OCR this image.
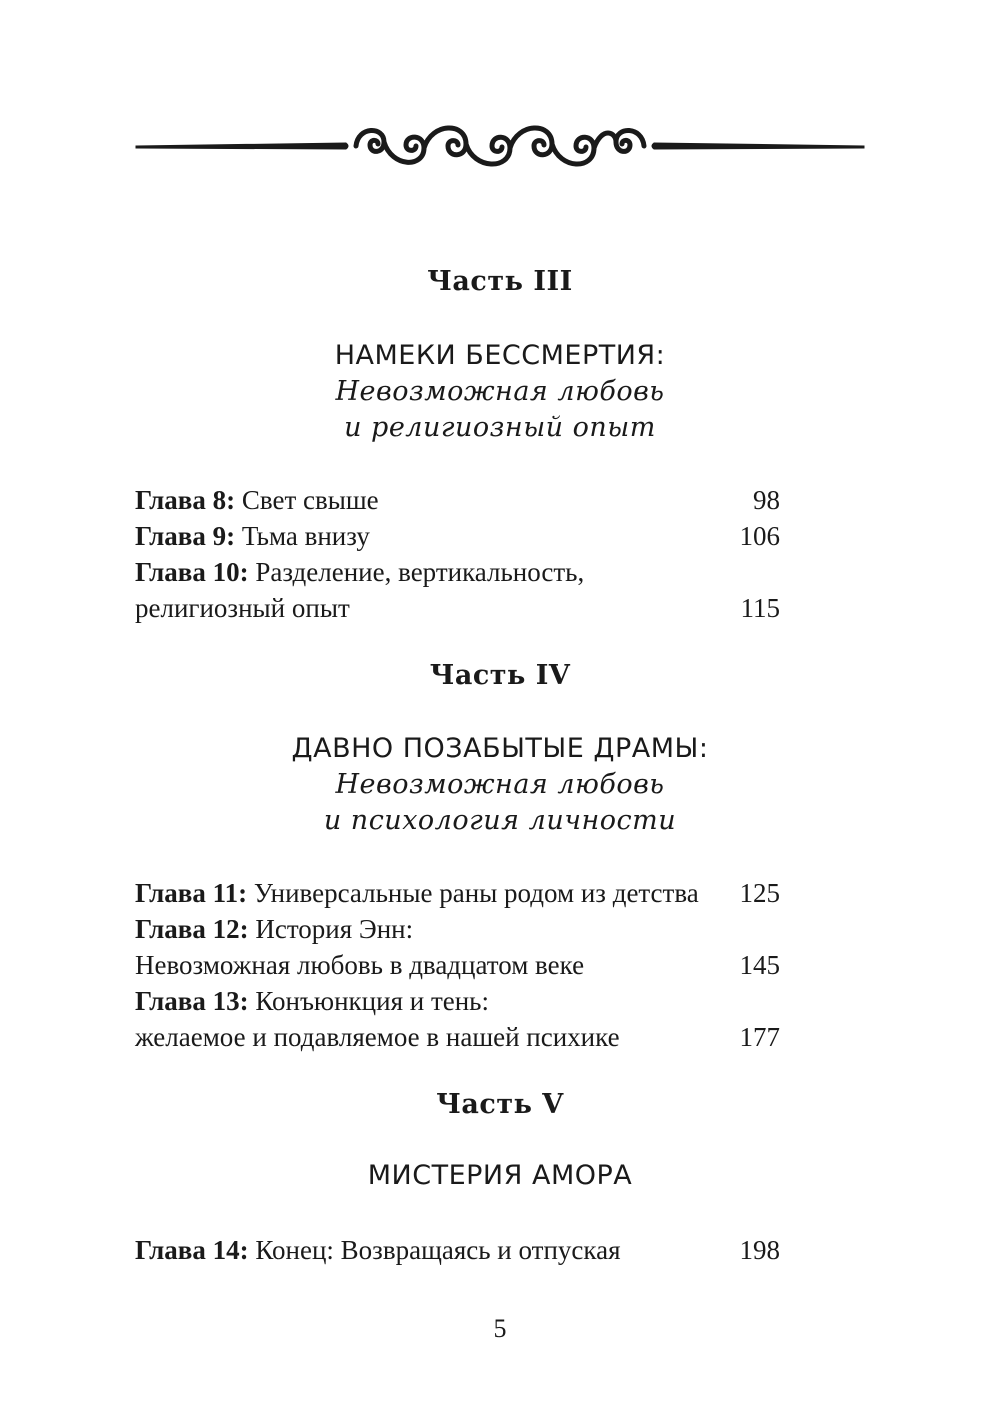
Часть III
НАМЕКИ БЕССМЕРТИЯ:
Невозможная любовь
и религиозный опыт
Глава 8: Свет свыше	98
Глава 9: Тьма внизу	106
Глава 10: Разделение, вертикальность,
религиозный опыт	115
Часть IV
ДАВНО ПОЗАБЫТЫЕ ДРАМЫ:
Невозможная любовь
и психология личности
Глава 11: Универсальные раны родом из детства 125
Глава 12: История Энн:
Невозможная любовь в двадцатом веке	145
Глава 13: Конъюнкция и тень:
желаемое и подавляемое в нашей психике	177
Часть V
МИСТЕРИЯ АМОРА
Глава 14: Конец: Возвращаясь и отпуская	198
5
